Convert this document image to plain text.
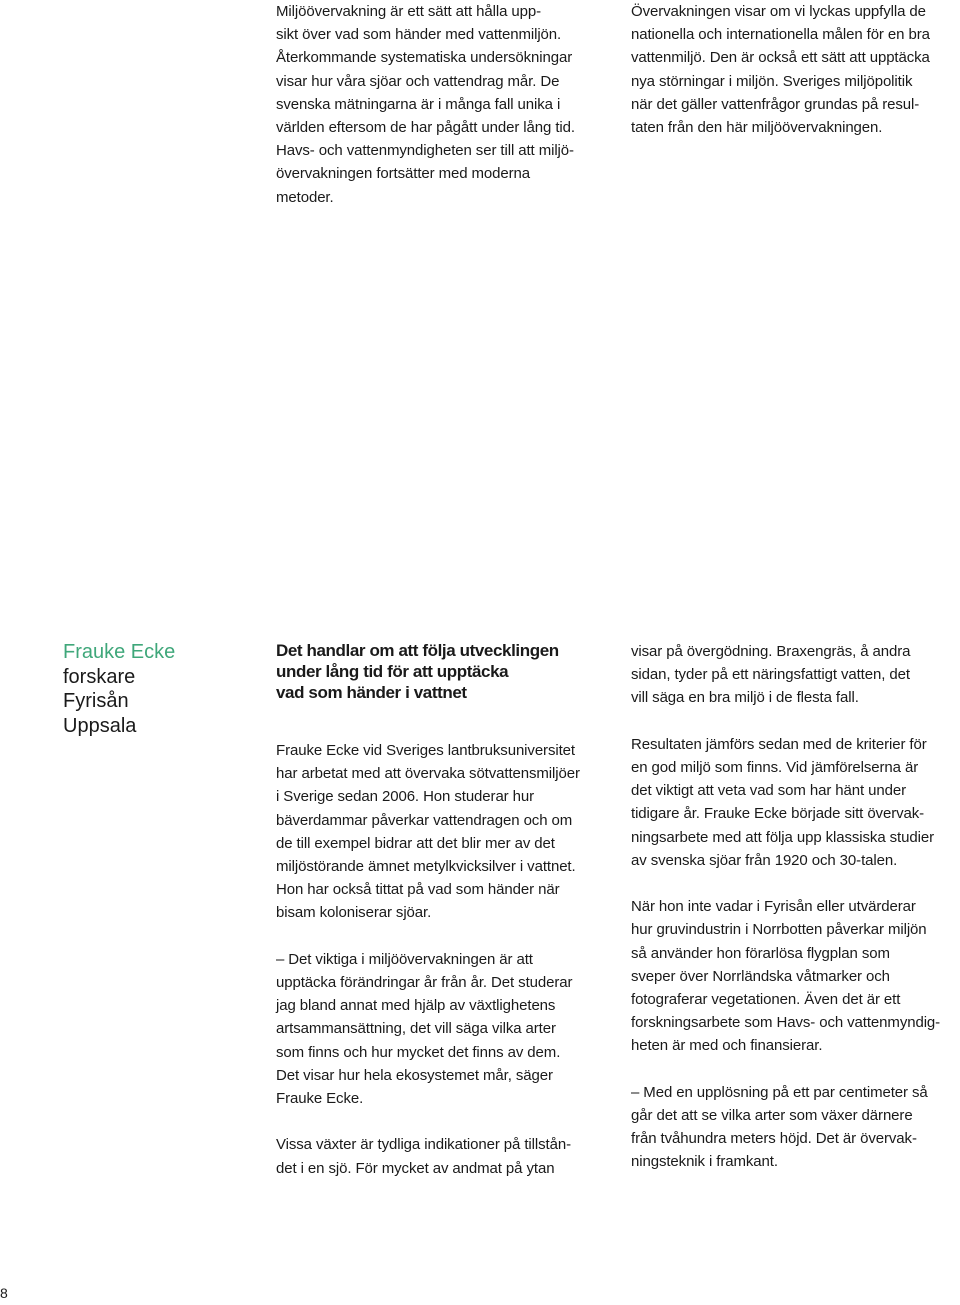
Miljöövervakning är ett sätt att hålla upp-
sikt över vad som händer med vattenmiljön.
Återkommande systematiska undersökningar
visar hur våra sjöar och vattendrag mår. De
svenska mätningarna är i många fall unika i
världen eftersom de har pågått under lång tid.
Havs- och vattenmyndigheten ser till att miljö-
övervakningen fortsätter med moderna
metoder.
Övervakningen visar om vi lyckas uppfylla de
nationella och internationella målen för en bra
vattenmiljö. Den är också ett sätt att upptäcka
nya störningar i miljön. Sveriges miljöpolitik
när det gäller vattenfrågor grundas på resul-
taten från den här miljöövervakningen.
Frauke Ecke
forskare
Fyrisån
Uppsala
Det handlar om att följa utvecklingen
under lång tid för att upptäcka
vad som händer i vattnet

Frauke Ecke vid Sveriges lantbruksuniversitet
har arbetat med att övervaka sötvattensmiljöer
i Sverige sedan 2006. Hon studerar hur
bäverdammar påverkar vattendragen och om
de till exempel bidrar att det blir mer av det
miljöstörande ämnet metylkvicksilver i vattnet.
Hon har också tittat på vad som händer när
bisam koloniserar sjöar.

– Det viktiga i miljöövervakningen är att
upptäcka förändringar år från år. Det studerar
jag bland annat med hjälp av växtlighetens
artsammansättning, det vill säga vilka arter
som finns och hur mycket det finns av dem.
Det visar hur hela ekosystemet mår, säger
Frauke Ecke.

Vissa växter är tydliga indikationer på tillstån-
det i en sjö. För mycket av andmat på ytan

visar på övergödning. Braxengräs, å andra
sidan, tyder på ett näringsfattigt vatten, det
vill säga en bra miljö i de flesta fall.

Resultaten jämförs sedan med de kriterier för
en god miljö som finns. Vid jämförelserna är
det viktigt att veta vad som har hänt under
tidigare år. Frauke Ecke började sitt övervak-
ningsarbete med att följa upp klassiska studier
av svenska sjöar från 1920 och 30-talen.

När hon inte vadar i Fyrisån eller utvärderar
hur gruvindustrin i Norrbotten påverkar miljön
så använder hon förarlösa flygplan som
sveper över Norrländska våtmarker och
fotograferar vegetationen. Även det är ett
forskningsarbete som Havs- och vattenmyndig-
heten är med och finansierar.

– Med en upplösning på ett par centimeter så
går det att se vilka arter som växer därnere
från tvåhundra meters höjd. Det är övervak-
ningsteknik i framkant.

8
